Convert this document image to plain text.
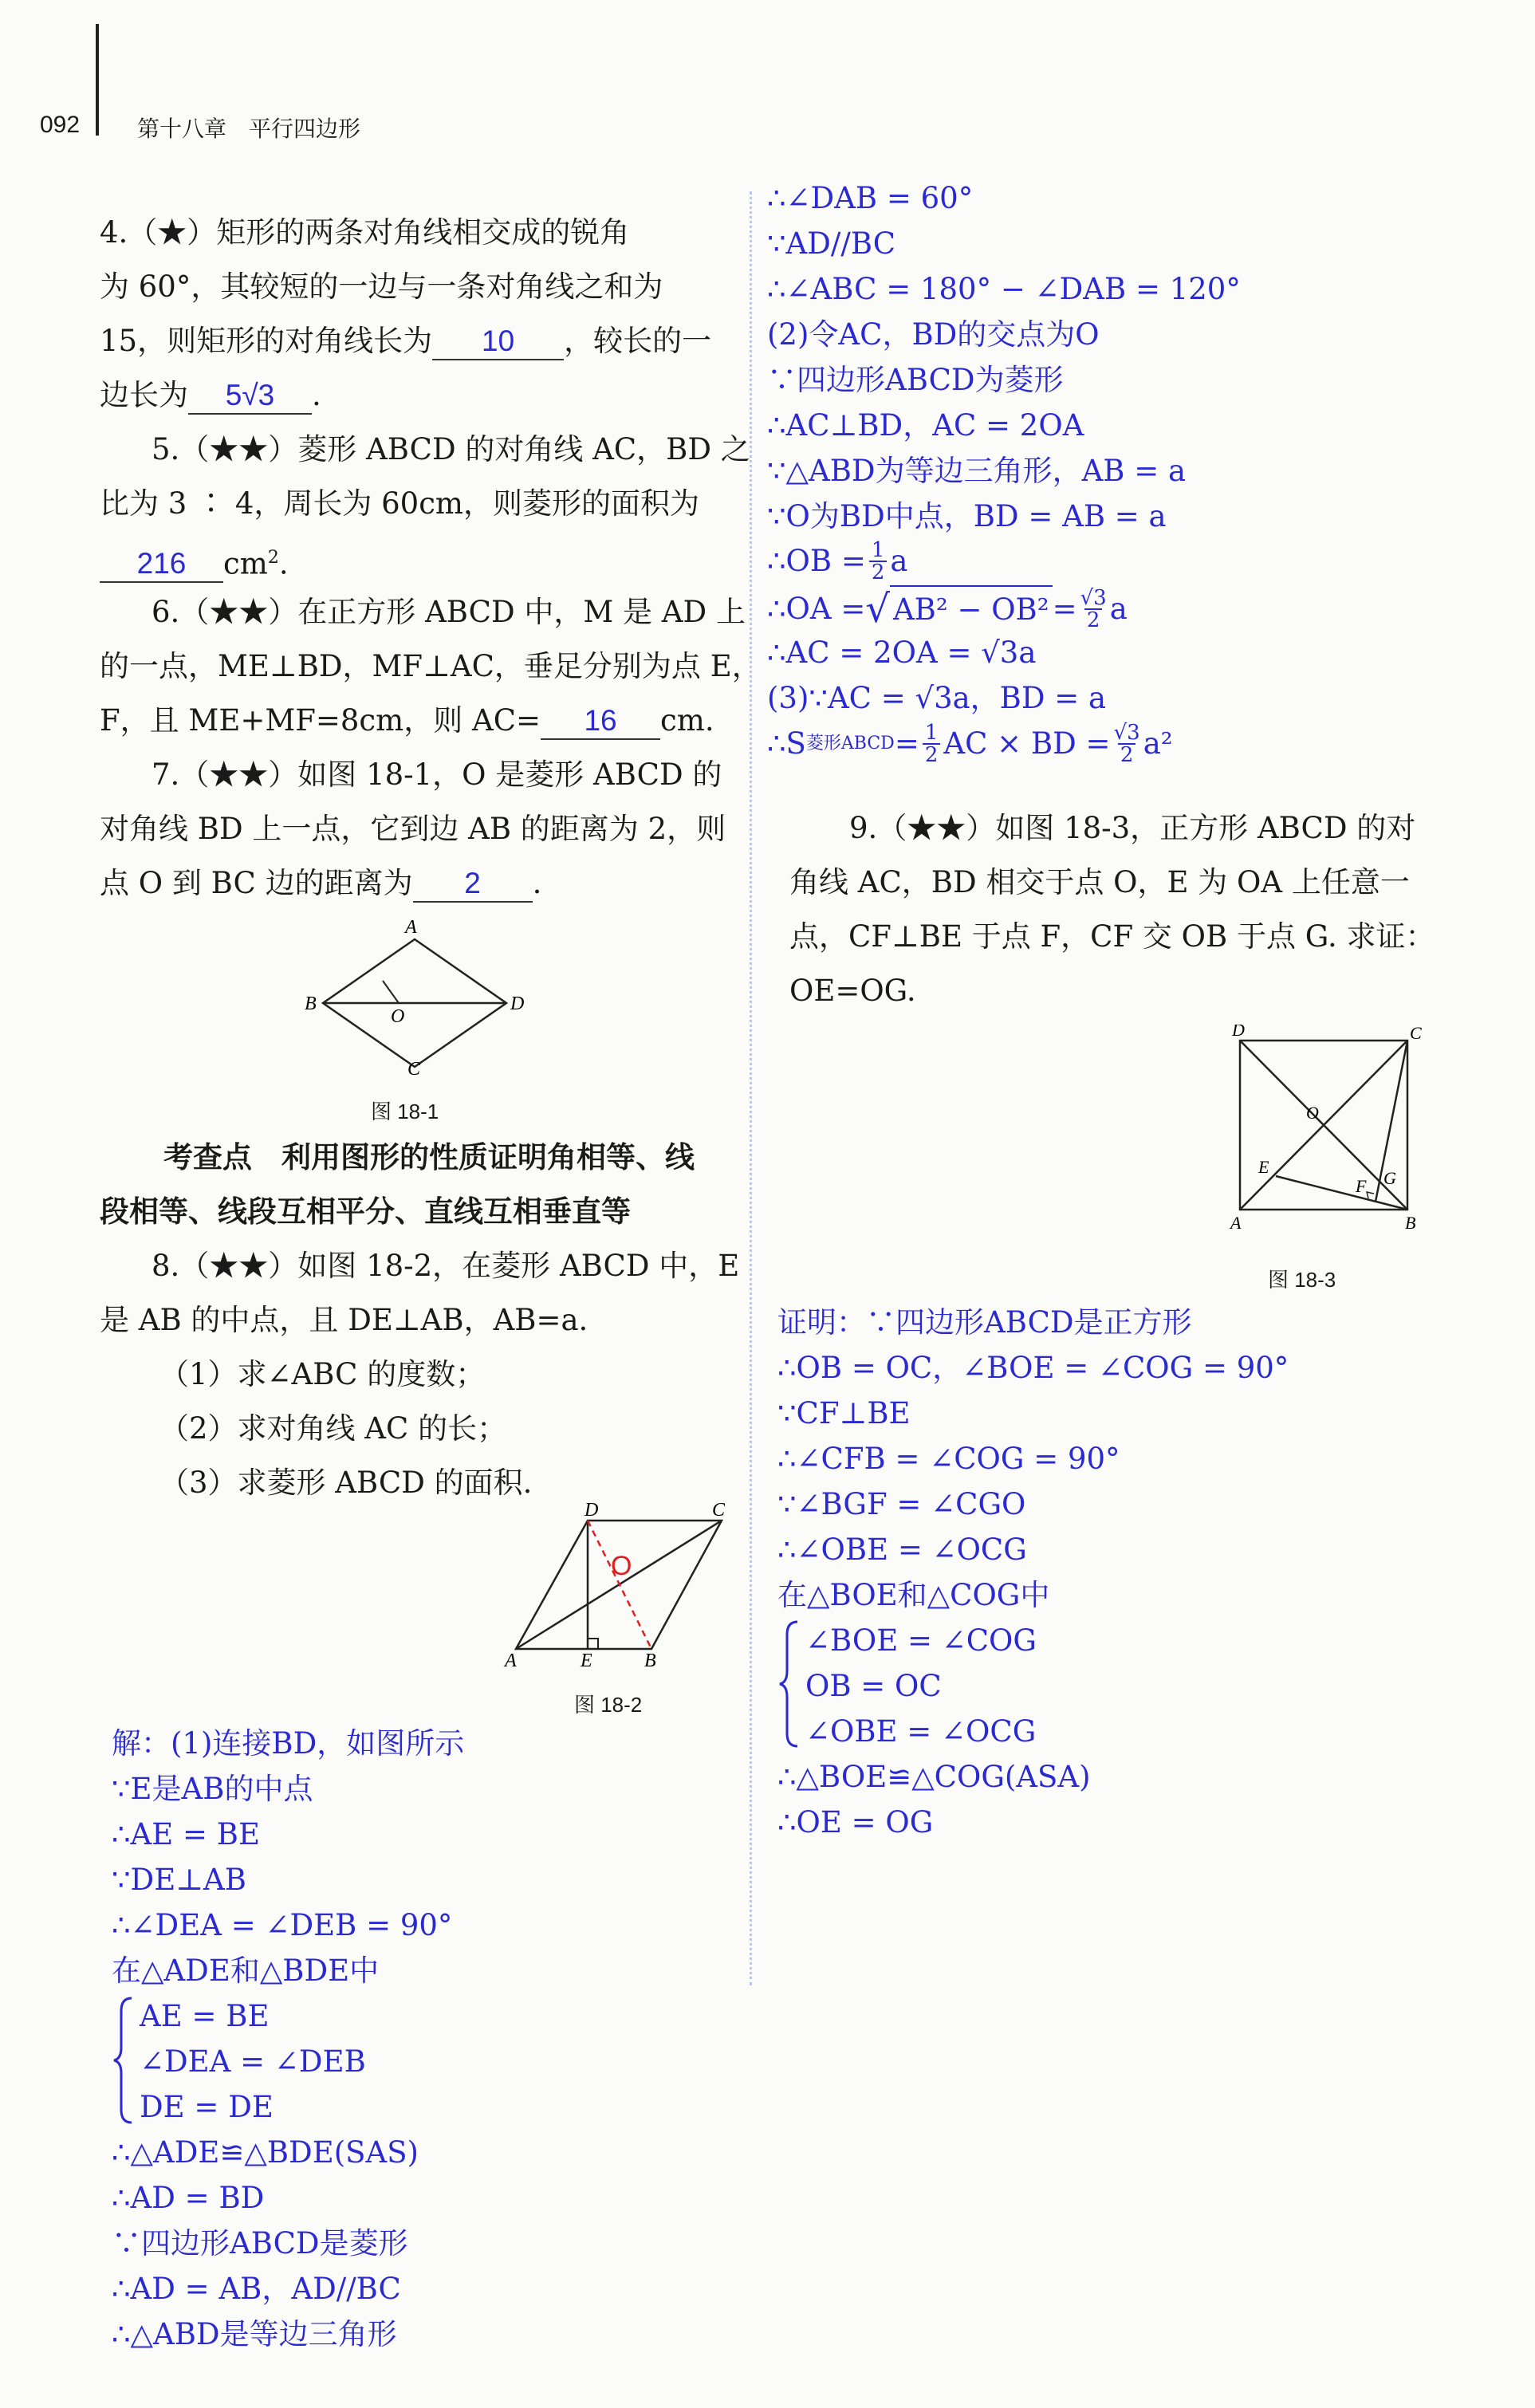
092	第十八章　平行四边形
4.（★）矩形的两条对角线相交成的锐角
为 60°，其较短的一边与一条对角线之和为
15，则矩形的对角线长为 10 ，较长的一
边长为 5√3 .
5.（★★）菱形 ABCD 的对角线 AC，BD 之
比为 3 ∶ 4，周长为 60cm，则菱形的面积为
216 $cm^2$.
6.（★★）在正方形 ABCD 中，M 是 AD 上
的一点，ME⊥BD，MF⊥AC，垂足分别为点 E，
F，且 ME+MF=8cm，则 AC= 16 cm.
7.（★★）如图 18-1，O 是菱形 ABCD 的
对角线 BD 上一点，它到边 AB 的距离为 2，则
点 O 到 BC 边的距离为 2 .
A
B
C
D
O
图 18-1
考查点　利用图形的性质证明角相等、线
段相等、线段互相平分、直线互相垂直等
8.（★★）如图 18-2，在菱形 ABCD 中，E
是 AB 的中点，且 DE⊥AB，AB=a.
（1）求∠ABC 的度数；
（2）求对角线 AC 的长；
（3）求菱形 ABCD 的面积.
D	C
A	E	B
O
图 18-2
解：(1)连接BD，如图所示
∵E是AB的中点
∴AE = BE
∵DE⊥AB
∴∠DEA = ∠DEB = 90°
在△ADE和△BDE中
AE = BE
∠DEA = ∠DEB
DE = DE
∴△ADE≌△BDE(SAS)
∴AD = BD
∵四边形ABCD是菱形
∴AD = AB，AD//BC
∴△ABD是等边三角形
∴∠DAB = 60°
∵AD//BC
∴∠ABC = 180° − ∠DAB = 120°
(2)令AC，BD的交点为O
∵四边形ABCD为菱形
∴AC⊥BD，AC = 2OA
∵△ABD为等边三角形，AB = a
∵O为BD中点，BD = AB = a
∴OB = $\frac{1}{2}$ a
∴OA = √ $AB^2 - OB^2 = \frac{√3}{2}$ a
∴AC = 2OA = √3a
(3)∵AC = √3a，BD = a
∴S 菱形ABCD = $\frac{1}{2}$ AC × BD = $\frac{√3}{2} a^2$
9.（★★）如图 18-3，正方形 ABCD 的对
角线 AC，BD 相交于点 O，E 为 OA 上任意一
点，CF⊥BE 于点 F，CF 交 OB 于点 G. 求证：
OE=OG.
D	C
A	B
O
E
F G
图 18-3
证明：∵四边形ABCD是正方形
∴OB = OC，∠BOE = ∠COG = 90°
∵CF⊥BE
∴∠CFB = ∠COG = 90°
∵∠BGF = ∠CGO
∴∠OBE = ∠OCG
在△BOE和△COG中
∠BOE = ∠COG
OB = OC
∠OBE = ∠OCG
∴△BOE≌△COG(ASA)
∴OE = OG
